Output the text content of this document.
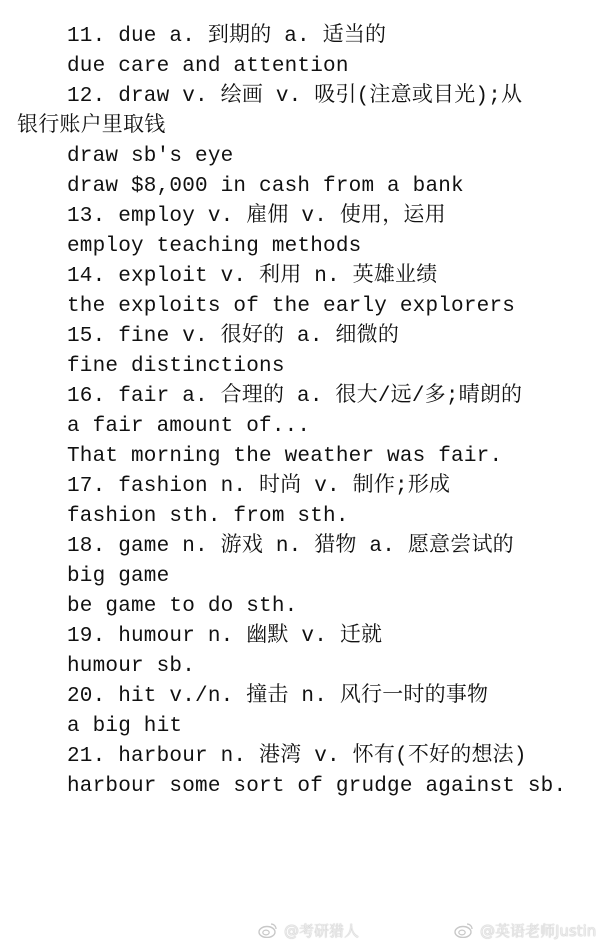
11. due a. 到期的 a. 适当的
due care and attention
12. draw v. 绘画 v. 吸引(注意或目光);从
银行账户里取钱
draw sb's eye
draw $8,000 in cash from a bank
13. employ v. 雇佣 v. 使用，运用
employ teaching methods
14. exploit v. 利用 n. 英雄业绩
the exploits of the early explorers
15. fine v. 很好的 a. 细微的
fine distinctions
16. fair a. 合理的 a. 很大/远/多;晴朗的
a fair amount of...
That morning the weather was fair.
17. fashion n. 时尚 v. 制作;形成
fashion sth. from sth.
18. game n. 游戏 n. 猎物 a. 愿意尝试的
big game
be game to do sth.
19. humour n. 幽默 v. 迁就
humour sb.
20. hit v./n. 撞击 n. 风行一时的事物
a big hit
21. harbour n. 港湾 v. 怀有(不好的想法)
harbour some sort of grudge against sb.
@考研猎人	@英语老师Justin
